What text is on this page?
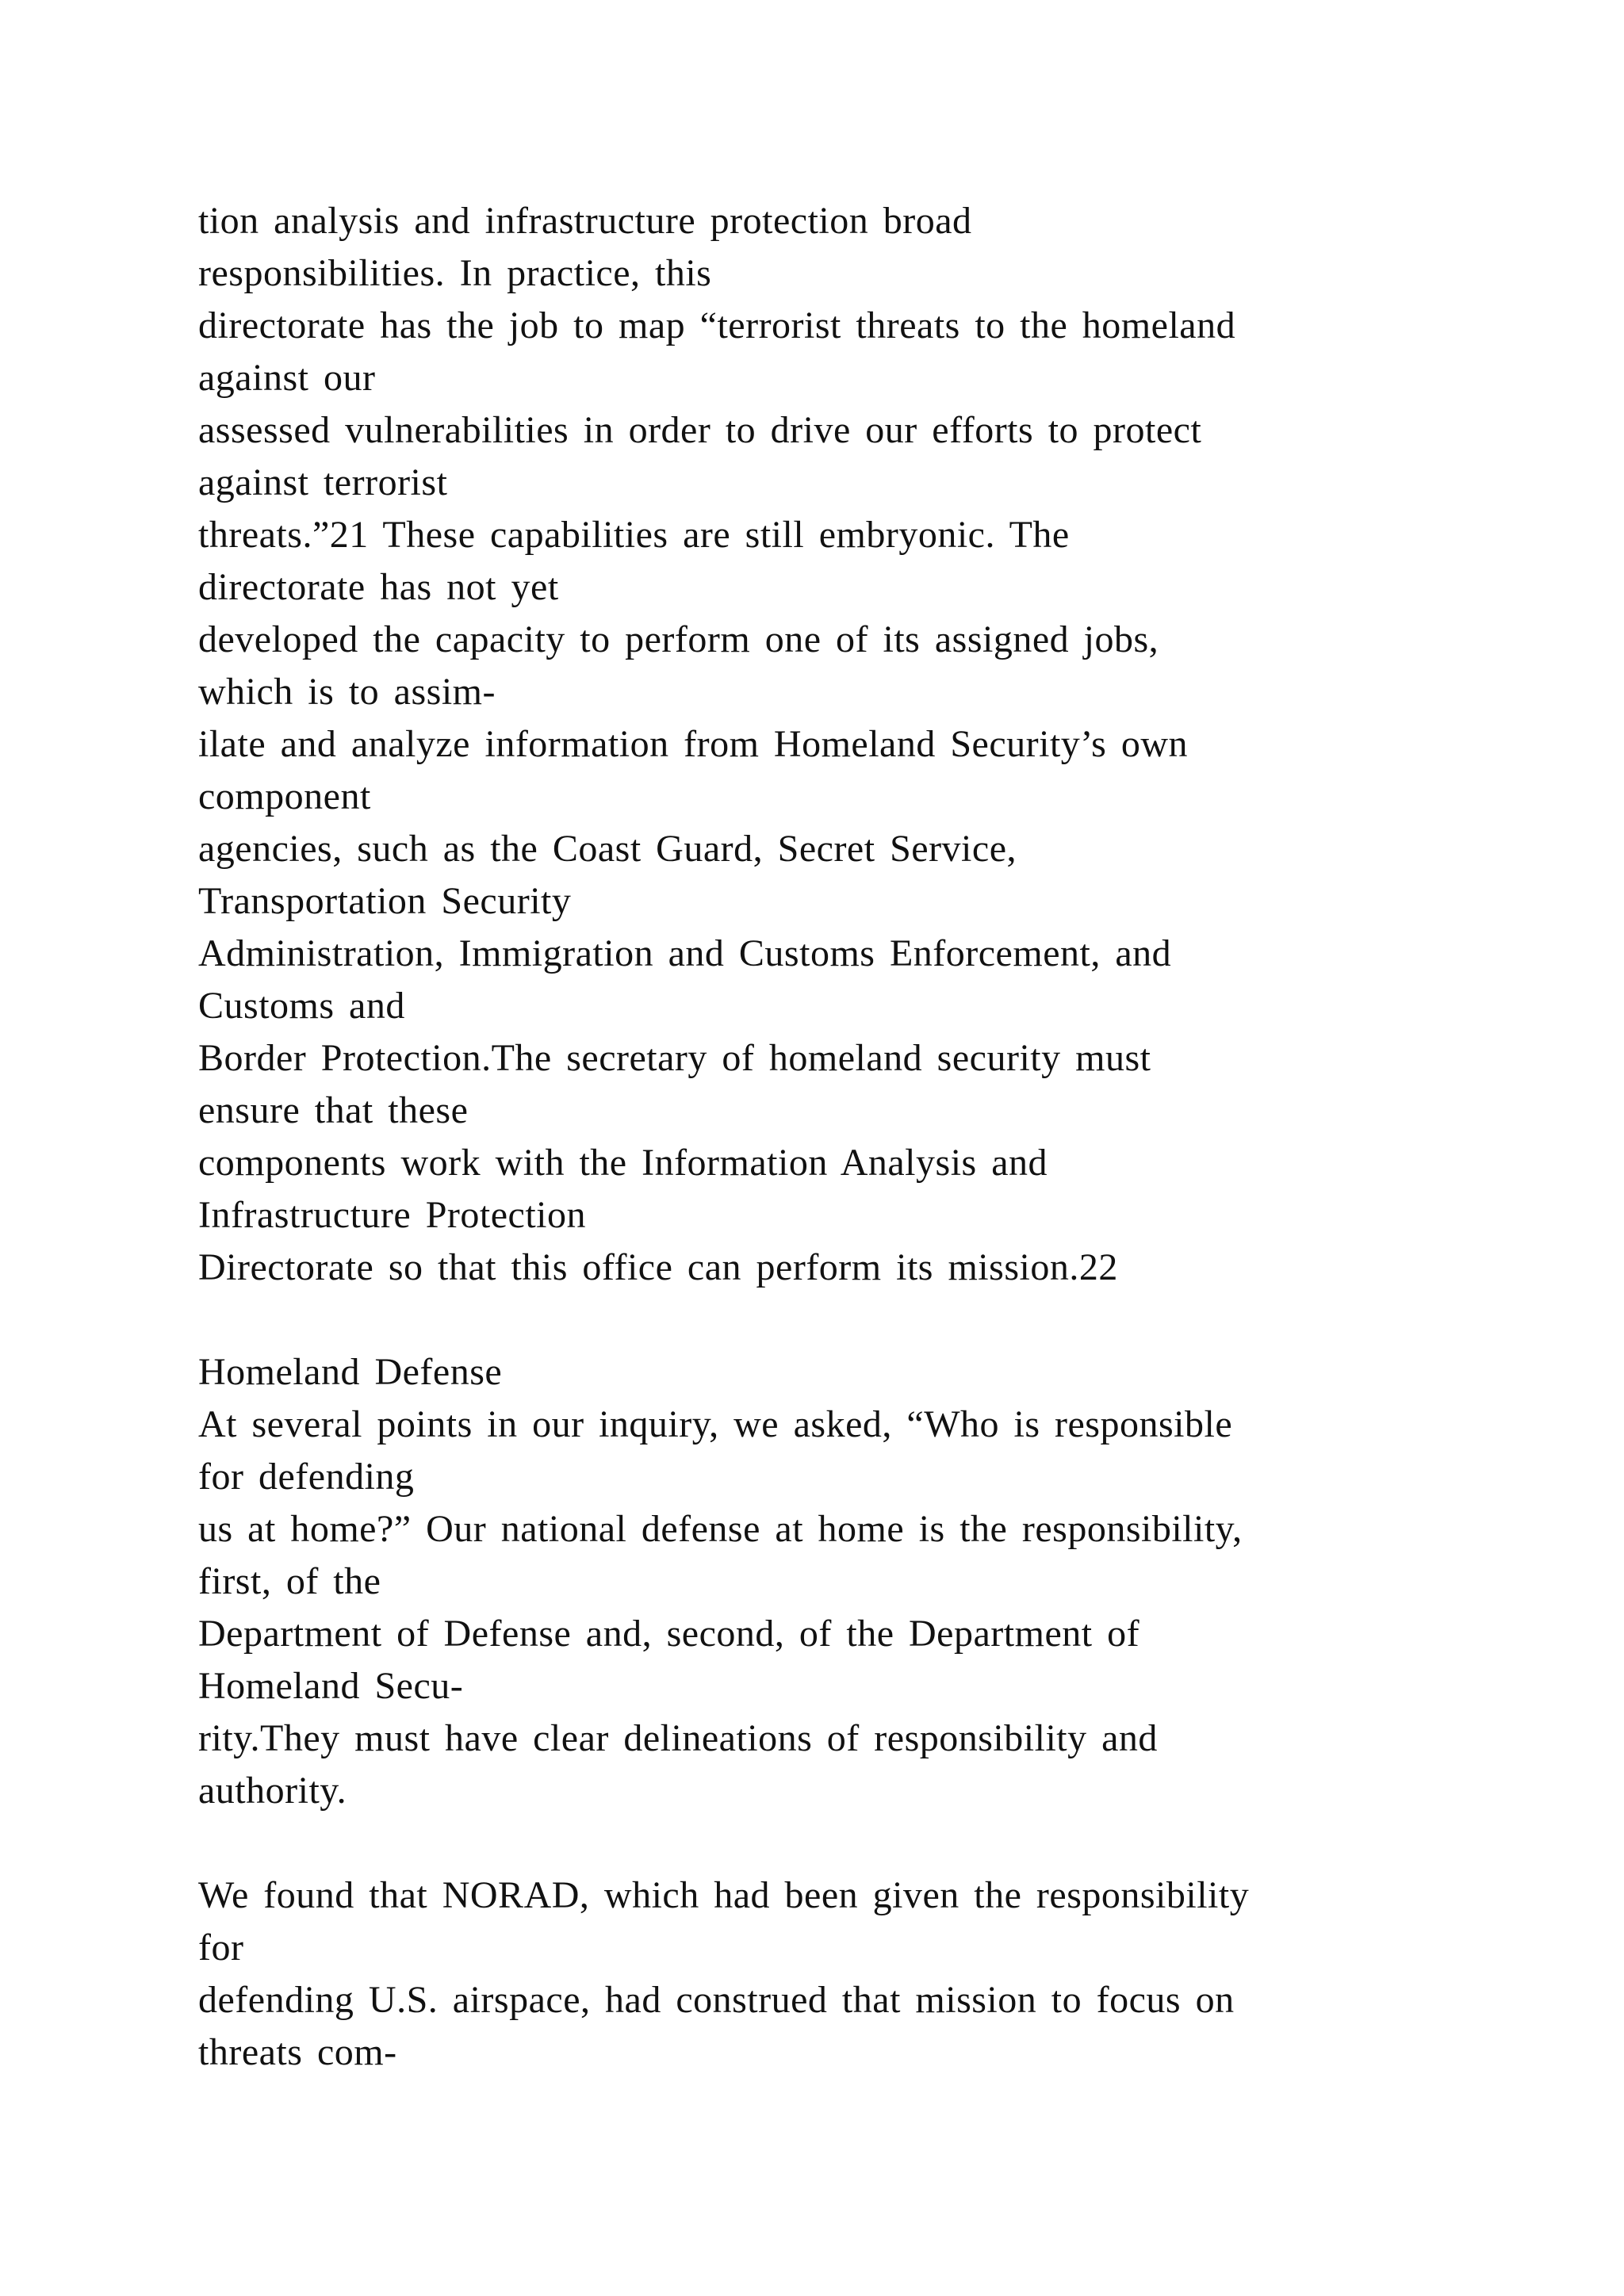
tion analysis and infrastructure protection broad
responsibilities. In practice, this
directorate has the job to map “terrorist threats to the homeland
against our
assessed vulnerabilities in order to drive our efforts to protect
against terrorist
threats.”21 These capabilities are still embryonic. The
directorate has not yet
developed the capacity to perform one of its assigned jobs,
which is to assim-
ilate and analyze information from Homeland Security’s own
component
agencies, such as the Coast Guard, Secret Service,
Transportation Security
Administration, Immigration and Customs Enforcement, and
Customs and
Border Protection.The secretary of homeland security must
ensure that these
components work with the Information Analysis and
Infrastructure Protection
Directorate so that this office can perform its mission.22
Homeland Defense
At several points in our inquiry, we asked, “Who is responsible
for defending
us at home?” Our national defense at home is the responsibility,
first, of the
Department of Defense and, second, of the Department of
Homeland Secu-
rity.They must have clear delineations of responsibility and
authority.
We found that NORAD, which had been given the responsibility
for
defending U.S. airspace, had construed that mission to focus on
threats com-
